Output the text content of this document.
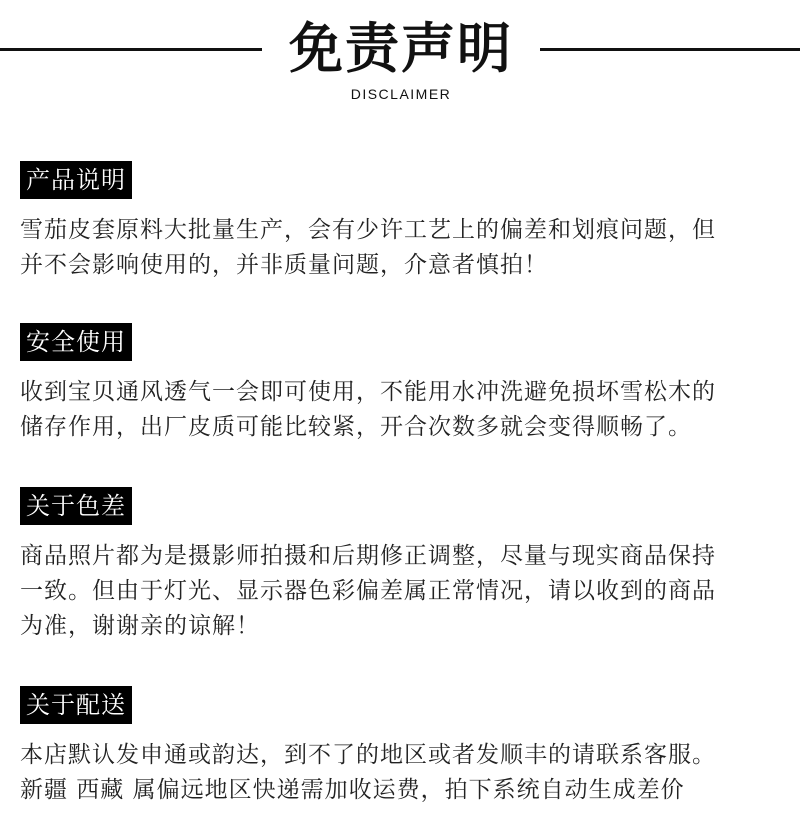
免责声明
DISCLAIMER
产品说明
雪茄皮套原料大批量生产，会有少许工艺上的偏差和划痕问题，但
并不会影响使用的，并非质量问题，介意者慎拍！
安全使用
收到宝贝通风透气一会即可使用，不能用水冲洗避免损坏雪松木的
储存作用，出厂皮质可能比较紧，开合次数多就会变得顺畅了。
关于色差
商品照片都为是摄影师拍摄和后期修正调整，尽量与现实商品保持
一致。但由于灯光、显示器色彩偏差属正常情况，请以收到的商品
为准，谢谢亲的谅解！
关于配送
本店默认发申通或韵达，到不了的地区或者发顺丰的请联系客服。
新疆 西藏 属偏远地区快递需加收运费，拍下系统自动生成差价
